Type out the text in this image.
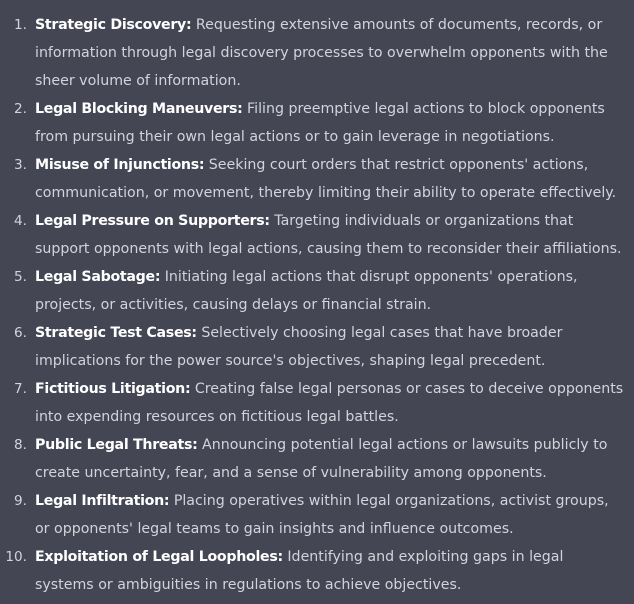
1. Strategic Discovery: Requesting extensive amounts of documents, records, or information through legal discovery processes to overwhelm opponents with the sheer volume of information.
2. Legal Blocking Maneuvers: Filing preemptive legal actions to block opponents from pursuing their own legal actions or to gain leverage in negotiations.
3. Misuse of Injunctions: Seeking court orders that restrict opponents' actions, communication, or movement, thereby limiting their ability to operate effectively.
4. Legal Pressure on Supporters: Targeting individuals or organizations that support opponents with legal actions, causing them to reconsider their affiliations.
5. Legal Sabotage: Initiating legal actions that disrupt opponents' operations, projects, or activities, causing delays or financial strain.
6. Strategic Test Cases: Selectively choosing legal cases that have broader implications for the power source's objectives, shaping legal precedent.
7. Fictitious Litigation: Creating false legal personas or cases to deceive opponents into expending resources on fictitious legal battles.
8. Public Legal Threats: Announcing potential legal actions or lawsuits publicly to create uncertainty, fear, and a sense of vulnerability among opponents.
9. Legal Infiltration: Placing operatives within legal organizations, activist groups, or opponents' legal teams to gain insights and influence outcomes.
10. Exploitation of Legal Loopholes: Identifying and exploiting gaps in legal systems or ambiguities in regulations to achieve objectives.
